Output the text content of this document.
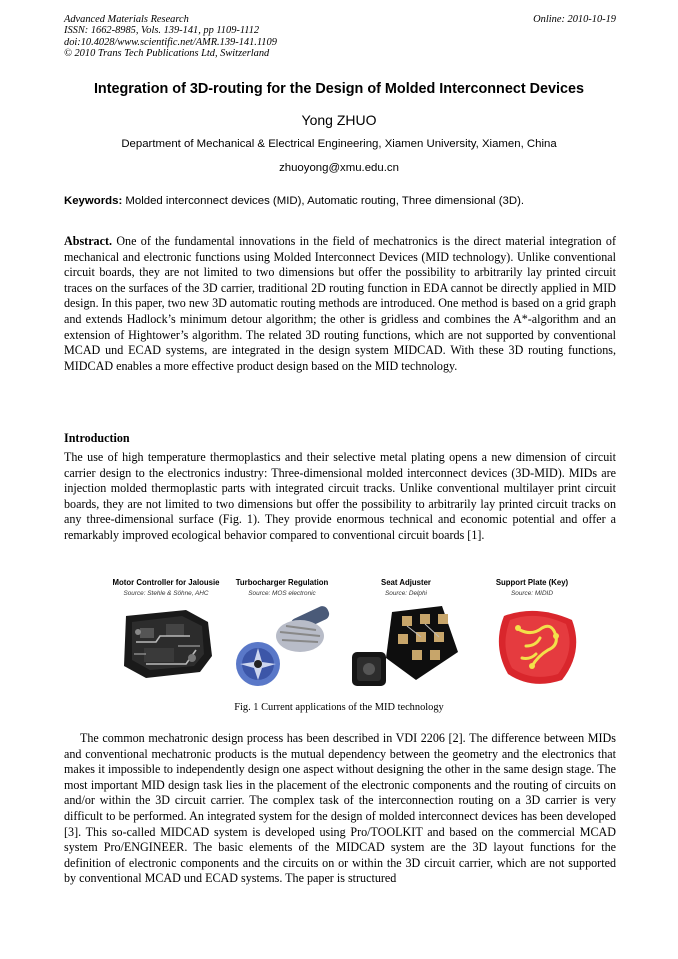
Advanced Materials Research
ISSN: 1662-8985, Vols. 139-141, pp 1109-1112
doi:10.4028/www.scientific.net/AMR.139-141.1109
© 2010 Trans Tech Publications Ltd, Switzerland
Online: 2010-10-19
Integration of 3D-routing for the Design of Molded Interconnect Devices
Yong ZHUO
Department of Mechanical & Electrical Engineering, Xiamen University, Xiamen, China
zhuoyong@xmu.edu.cn
Keywords: Molded interconnect devices (MID), Automatic routing, Three dimensional (3D).
Abstract. One of the fundamental innovations in the field of mechatronics is the direct material integration of mechanical and electronic functions using Molded Interconnect Devices (MID technology). Unlike conventional circuit boards, they are not limited to two dimensions but offer the possibility to arbitrarily lay printed circuit traces on the surfaces of the 3D carrier, traditional 2D routing function in EDA cannot be directly applied in MID design. In this paper, two new 3D automatic routing methods are introduced. One method is based on a grid graph and extends Hadlock’s minimum detour algorithm; the other is gridless and combines the A*-algorithm and an extension of Hightower’s algorithm. The related 3D routing functions, which are not supported by conventional MCAD und ECAD systems, are integrated in the design system MIDCAD. With these 3D routing functions, MIDCAD enables a more effective product design based on the MID technology.
Introduction
The use of high temperature thermoplastics and their selective metal plating opens a new dimension of circuit carrier design to the electronics industry: Three-dimensional molded interconnect devices (3D-MID). MIDs are injection molded thermoplastic parts with integrated circuit tracks. Unlike conventional multilayer print circuit boards, they are not limited to two dimensions but offer the possibility to arbitrarily lay printed circuit tracks on any three-dimensional surface (Fig. 1). They provide enormous technical and economic potential and offer a remarkably improved ecological behavior compared to conventional circuit boards [1].
Motor Controller for Jalousie
Source: Stehle & Söhne, AHC
Turbocharger Regulation
Source: MOS electronic
Seat Adjuster
Source: Delphi
Support Plate (Key)
Source: MIDID
Fig. 1 Current applications of the MID technology
The common mechatronic design process has been described in VDI 2206 [2]. The difference between MIDs and conventional mechatronic products is the mutual dependency between the geometry and the electronics that makes it impossible to independently design one aspect without designing the other in the same design stage. The most important MID design task lies in the placement of the electronic components and the routing of circuits on and/or within the 3D circuit carrier. The complex task of the interconnection routing on a 3D carrier is very difficult to be performed. An integrated system for the design of molded interconnect devices has been developed [3]. This so-called MIDCAD system is developed using Pro/TOOLKIT and based on the commercial MCAD system Pro/ENGINEER. The basic elements of the MIDCAD system are the 3D layout functions for the definition of electronic components and the circuits on or within the 3D circuit carrier, which are not supported by conventional MCAD und ECAD systems. The paper is structured
